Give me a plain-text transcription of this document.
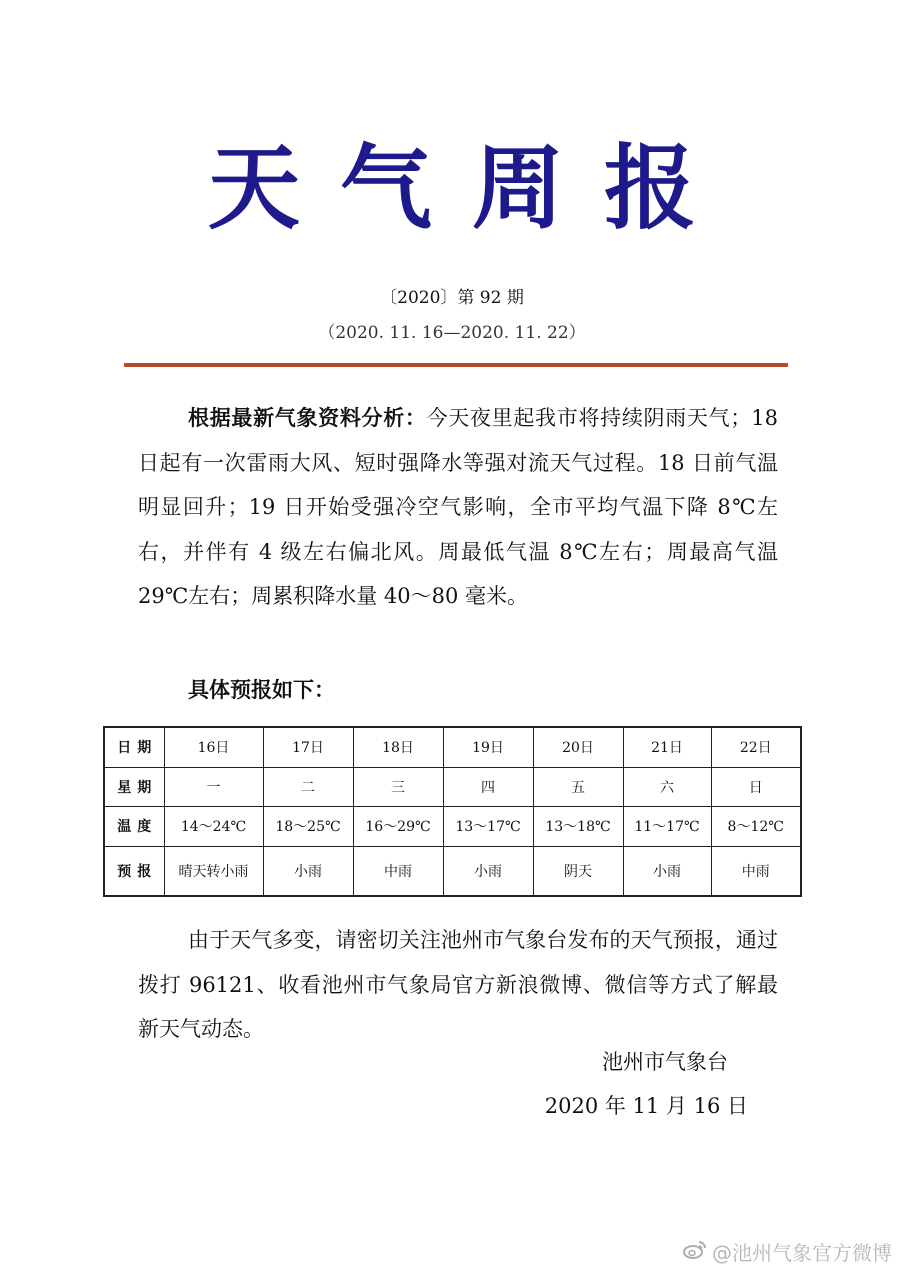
天气周报
〔2020〕第 92 期
（2020. 11. 16—2020. 11. 22）

根据最新气象资料分析：今天夜里起我市将持续阴雨天气；18 日起有一次雷雨大风、短时强降水等强对流天气过程。18 日前气温明显回升；19 日开始受强冷空气影响，全市平均气温下降 8℃左右，并伴有 4 级左右偏北风。周最低气温 8℃左右；周最高气温 29℃左右；周累积降水量 40～80 毫米。

具体预报如下：
日期	16日	17日	18日	19日	20日	21日	22日
星期	一	二	三	四	五	六	日
温度	14～24℃	18～25℃	16～29℃	13～17℃	13～18℃	11～17℃	8～12℃
预报	晴天转小雨	小雨	中雨	小雨	阴天	小雨	中雨

由于天气多变，请密切关注池州市气象台发布的天气预报，通过拨打 96121、收看池州市气象局官方新浪微博、微信等方式了解最新天气动态。

池州市气象台
2020 年 11 月 16 日
@池州气象官方微博
